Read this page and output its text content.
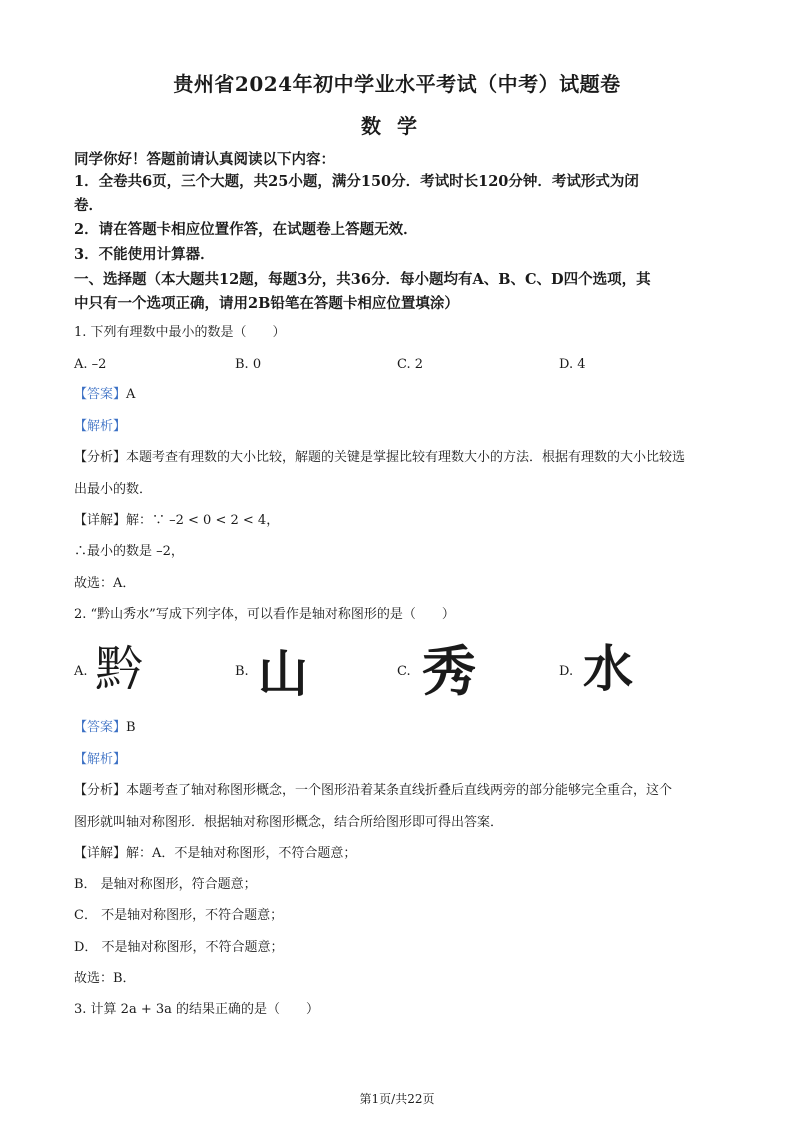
贵州省2024年初中学业水平考试（中考）试题卷
数学
同学你好！答题前请认真阅读以下内容：
1．全卷共6页，三个大题，共25小题，满分150分．考试时长120分钟．考试形式为闭
卷．
2．请在答题卡相应位置作答，在试题卷上答题无效．
3．不能使用计算器．
一、选择题（本大题共12题，每题3分，共36分．每小题均有A、B、C、D四个选项，其
中只有一个选项正确，请用2B铅笔在答题卡相应位置填涂）
1. 下列有理数中最小的数是（　　）
A. –2	B. 0	C. 2	D. 4
【答案】A
【解析】
【分析】本题考查有理数的大小比较，解题的关键是掌握比较有理数大小的方法．根据有理数的大小比较选
出最小的数．
【详解】解：∵ –2 < 0 < 2 < 4，
∴最小的数是 –2，
故选：A．
2. “黔山秀水”写成下列字体，可以看作是轴对称图形的是（　　）
A.	B.	C.	D.
黔 山 秀 水
【答案】B
【解析】
【分析】本题考查了轴对称图形概念，一个图形沿着某条直线折叠后直线两旁的部分能够完全重合，这个
图形就叫轴对称图形．根据轴对称图形概念，结合所给图形即可得出答案．
【详解】解：A．不是轴对称图形，不符合题意；
B． 是轴对称图形，符合题意；
C． 不是轴对称图形，不符合题意；
D． 不是轴对称图形，不符合题意；
故选：B．
3. 计算 2a + 3a 的结果正确的是（　　）
第1页/共22页
